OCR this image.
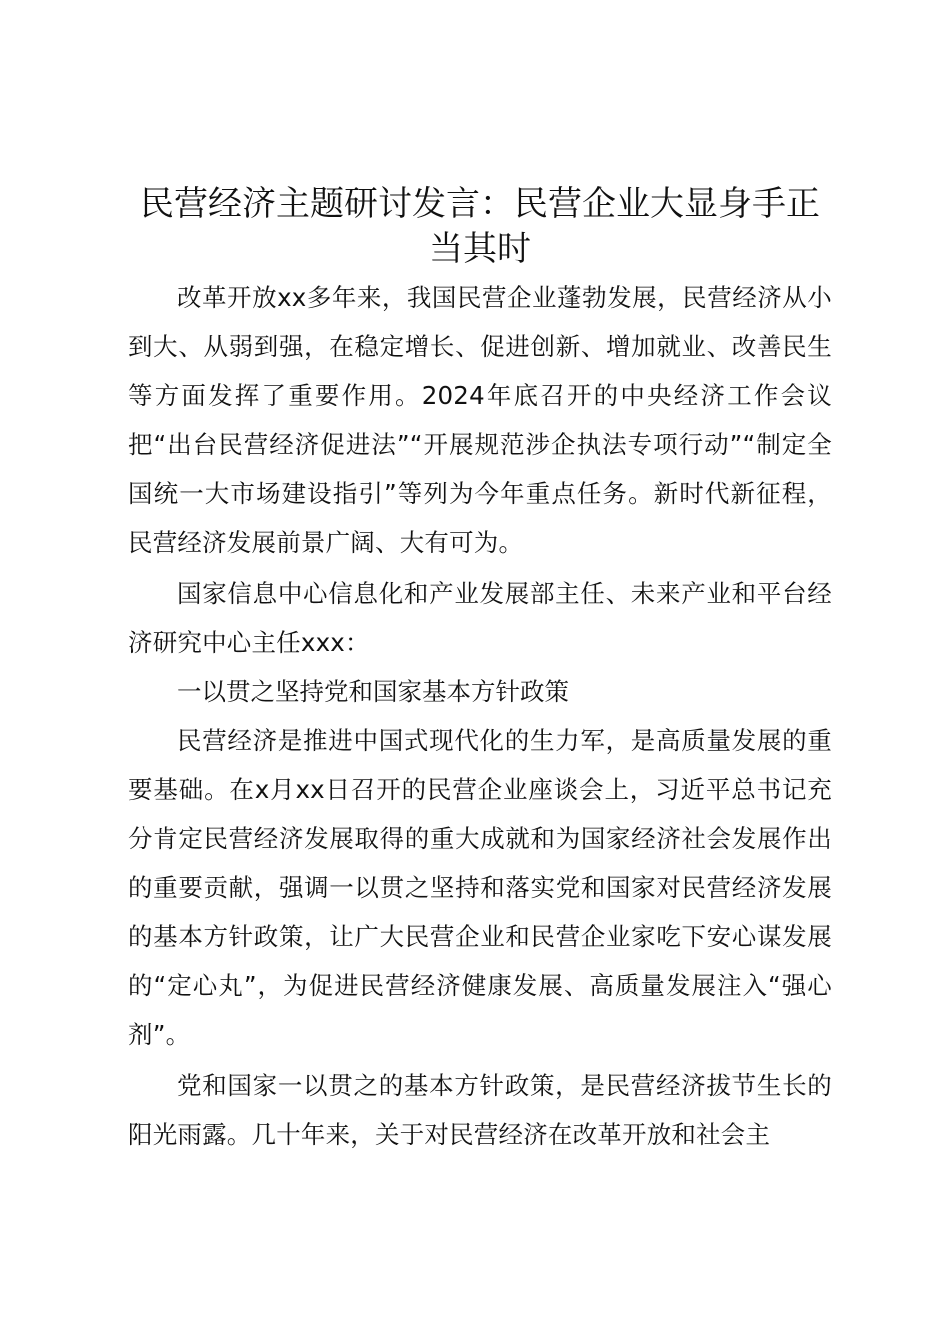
民营经济主题研讨发言：民营企业大显身手正当其时

改革开放xx多年来，我国民营企业蓬勃发展，民营经济从小到大、从弱到强，在稳定增长、促进创新、增加就业、改善民生等方面发挥了重要作用。2024年底召开的中央经济工作会议把“出台民营经济促进法”“开展规范涉企执法专项行动”“制定全国统一大市场建设指引”等列为今年重点任务。新时代新征程，民营经济发展前景广阔、大有可为。

国家信息中心信息化和产业发展部主任、未来产业和平台经济研究中心主任xxx：

一以贯之坚持党和国家基本方针政策

民营经济是推进中国式现代化的生力军，是高质量发展的重要基础。在x月xx日召开的民营企业座谈会上，习近平总书记充分肯定民营经济发展取得的重大成就和为国家经济社会发展作出的重要贡献，强调一以贯之坚持和落实党和国家对民营经济发展的基本方针政策，让广大民营企业和民营企业家吃下安心谋发展的“定心丸”，为促进民营经济健康发展、高质量发展注入“强心剂”。

党和国家一以贯之的基本方针政策，是民营经济拔节生长的阳光雨露。几十年来，关于对民营经济在改革开放和社会主
